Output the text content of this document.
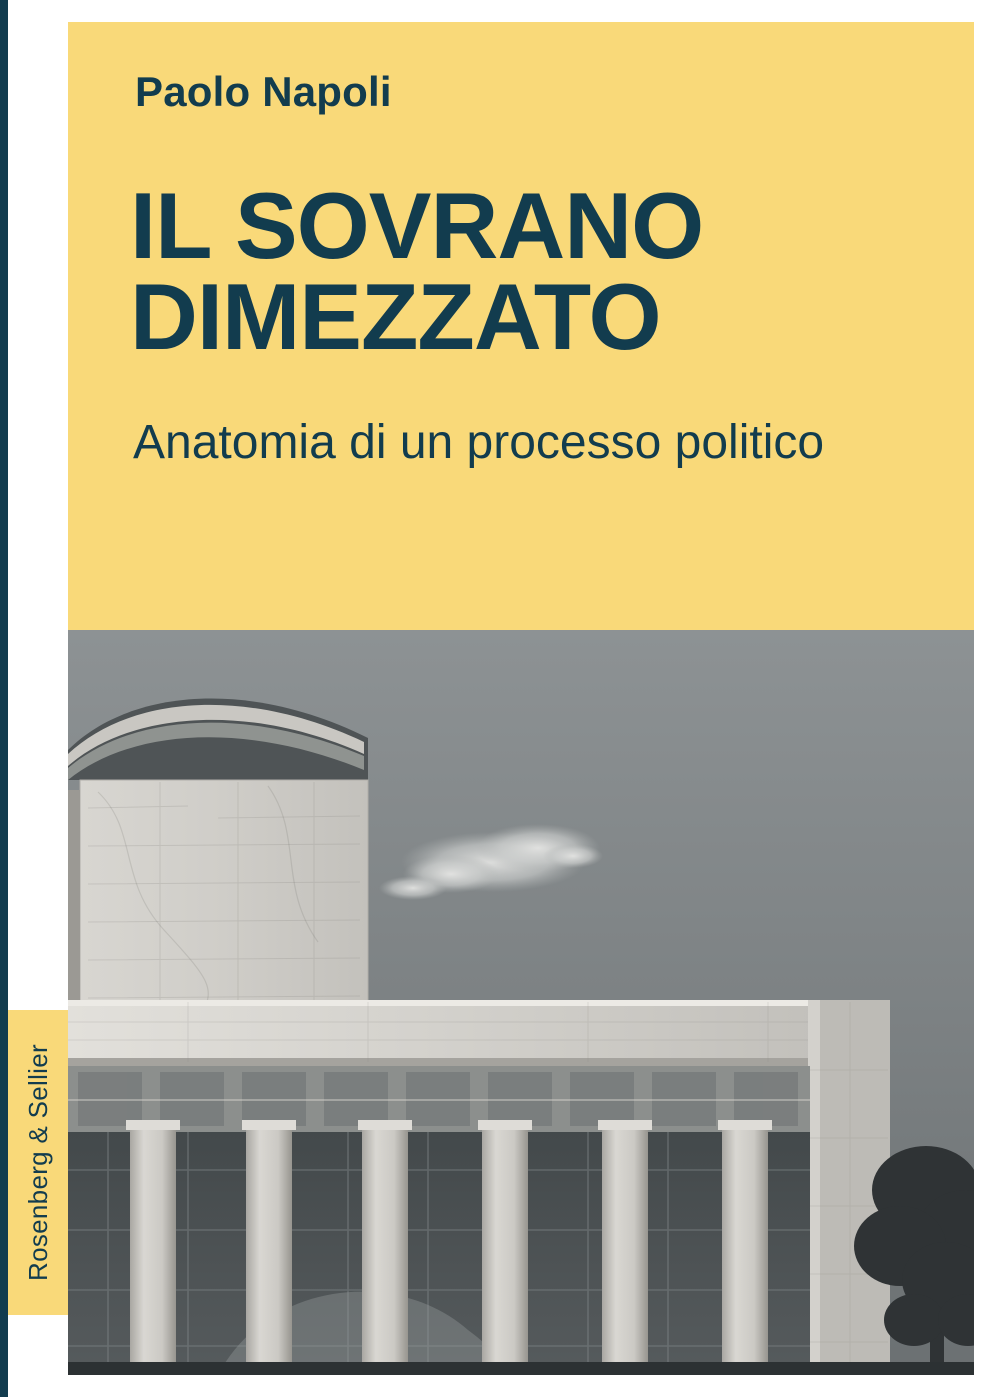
Paolo Napoli
IL SOVRANO
DIMEZZATO
Anatomia di un processo politico
Rosenberg & Sellier
